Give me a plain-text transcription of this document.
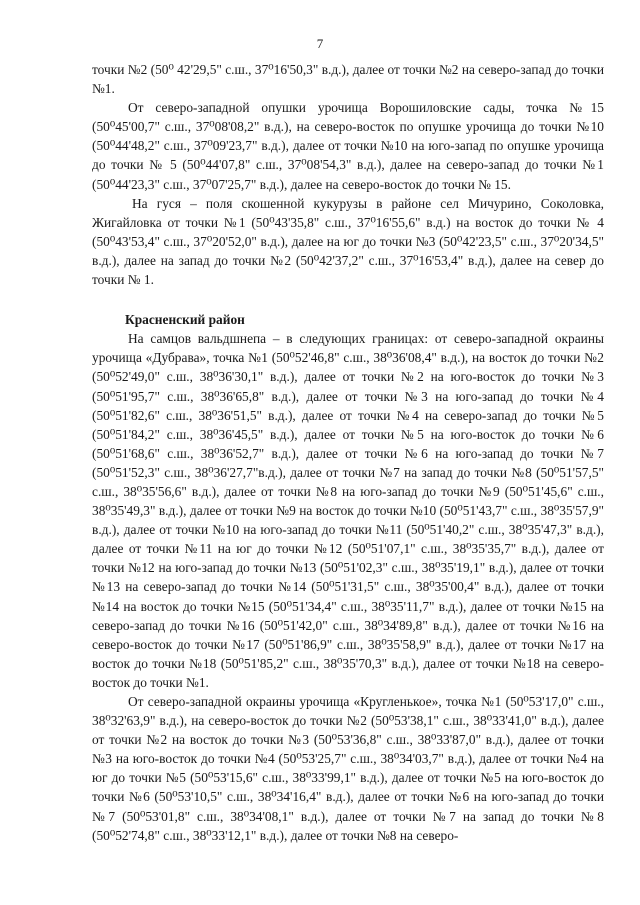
7

точки №2 (50⁰ 42'29,5" с.ш., 37⁰16'50,3" в.д.), далее от точки №2 на северо-запад до точки №1.

От северо-западной опушки урочища Ворошиловские сады, точка №15 (50⁰45'00,7" с.ш., 37⁰08'08,2" в.д.), на северо-восток по опушке урочища до точки №10 (50⁰44'48,2" с.ш., 37⁰09'23,7" в.д.), далее от точки №10 на юго-запад по опушке урочища до точки № 5 (50⁰44'07,8" с.ш., 37⁰08'54,3" в.д.), далее на северо-запад до точки №1 (50⁰44'23,3" с.ш., 37⁰07'25,7" в.д.), далее на северо-восток до точки № 15.

На гуся – поля скошенной кукурузы в районе сел Мичурино, Соколовка, Жигайловка от точки №1 (50⁰43'35,8" с.ш., 37⁰16'55,6" в.д.) на восток до точки № 4 (50⁰43'53,4" с.ш., 37⁰20'52,0" в.д.), далее на юг до точки №3 (50⁰42'23,5" с.ш., 37⁰20'34,5" в.д.), далее на запад до точки №2 (50⁰42'37,2" с.ш., 37⁰16'53,4" в.д.), далее на север до точки № 1.

Красненский район

На самцов вальдшнепа – в следующих границах: от северо-западной окраины урочища «Дубрава», точка №1 (50⁰52'46,8" с.ш., 38⁰36'08,4" в.д.), на восток до точки №2 (50⁰52'49,0" с.ш., 38⁰36'30,1" в.д.), далее от точки №2 на юго-восток до точки №3 (50⁰51'95,7" с.ш., 38⁰36'65,8" в.д.), далее от точки №3 на юго-запад до точки №4 (50⁰51'82,6" с.ш., 38⁰36'51,5" в.д.), далее от точки №4 на северо-запад до точки №5 (50⁰51'84,2" с.ш., 38⁰36'45,5" в.д.), далее от точки №5 на юго-восток до точки №6 (50⁰51'68,6" с.ш., 38⁰36'52,7" в.д.), далее от точки №6 на юго-запад до точки №7 (50⁰51'52,3" с.ш., 38⁰36'27,7"в.д.), далее от точки №7 на запад до точки №8 (50⁰51'57,5" с.ш., 38⁰35'56,6" в.д.), далее от точки №8 на юго-запад до точки №9 (50⁰51'45,6" с.ш., 38⁰35'49,3" в.д.), далее от точки №9 на восток до точки №10 (50⁰51'43,7" с.ш., 38⁰35'57,9" в.д.), далее от точки №10 на юго-запад до точки №11 (50⁰51'40,2" с.ш., 38⁰35'47,3" в.д.), далее от точки №11 на юг до точки №12 (50⁰51'07,1" с.ш., 38⁰35'35,7" в.д.), далее от точки №12 на юго-запад до точки №13 (50⁰51'02,3" с.ш., 38⁰35'19,1" в.д.), далее от точки №13 на северо-запад до точки №14 (50⁰51'31,5" с.ш., 38⁰35'00,4" в.д.), далее от точки №14 на восток до точки №15 (50⁰51'34,4" с.ш., 38⁰35'11,7" в.д.), далее от точки №15 на северо-запад до точки №16 (50⁰51'42,0" с.ш., 38⁰34'89,8" в.д.), далее от точки №16 на северо-восток до точки №17 (50⁰51'86,9" с.ш., 38⁰35'58,9" в.д.), далее от точки №17 на восток до точки №18 (50⁰51'85,2" с.ш., 38⁰35'70,3" в.д.), далее от точки №18 на северо-восток до точки №1.

От северо-западной окраины урочища «Кругленькое», точка №1 (50⁰53'17,0" с.ш., 38⁰32'63,9" в.д.), на северо-восток до точки №2 (50⁰53'38,1" с.ш., 38⁰33'41,0" в.д.), далее от точки №2 на восток до точки №3 (50⁰53'36,8" с.ш., 38⁰33'87,0" в.д.), далее от точки №3 на юго-восток до точки №4 (50⁰53'25,7" с.ш., 38⁰34'03,7" в.д.), далее от точки №4 на юг до точки №5 (50⁰53'15,6" с.ш., 38⁰33'99,1" в.д.), далее от точки №5 на юго-восток до точки №6 (50⁰53'10,5" с.ш., 38⁰34'16,4" в.д.), далее от точки №6 на юго-запад до точки №7 (50⁰53'01,8" с.ш., 38⁰34'08,1" в.д.), далее от точки №7 на запад до точки №8 (50⁰52'74,8" с.ш., 38⁰33'12,1" в.д.), далее от точки №8 на северо-
